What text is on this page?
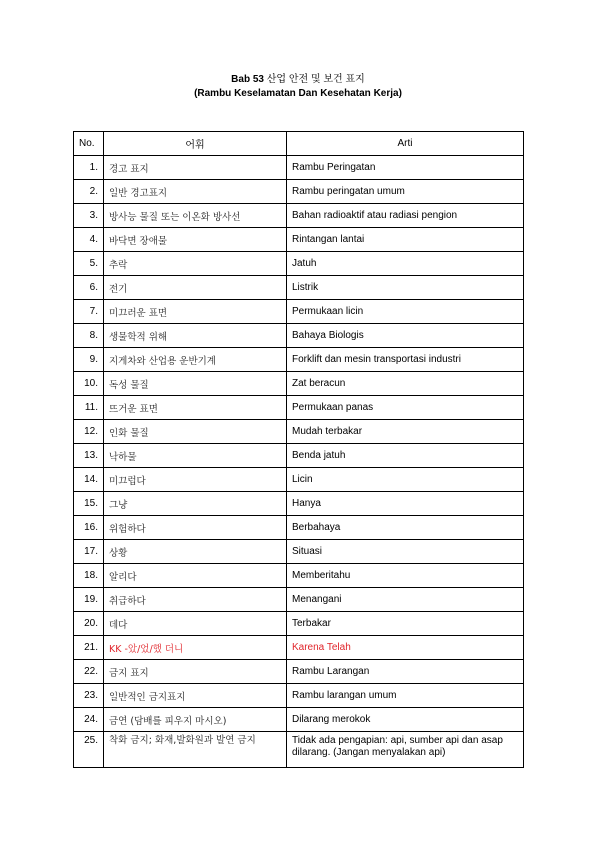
Bab 53 산업 안전 및 보건 표지
(Rambu Keselamatan Dan Kesehatan Kerja)
No.	어휘	Arti
1.	경고 표지	Rambu Peringatan
2.	일반 경고표지	Rambu peringatan umum
3.	방사능 물질 또는 이온화 방사선	Bahan radioaktif atau radiasi pengion
4.	바닥면 장애물	Rintangan lantai
5.	추락	Jatuh
6.	전기	Listrik
7.	미끄러운 표면	Permukaan licin
8.	생물학적 위해	Bahaya Biologis
9.	지게차와 산업용 운반기계	Forklift dan mesin transportasi industri
10.	독성 물질	Zat beracun
11.	뜨거운 표면	Permukaan panas
12.	인화 물질	Mudah terbakar
13.	낙하물	Benda jatuh
14.	미끄럽다	Licin
15.	그냥	Hanya
16.	위험하다	Berbahaya
17.	상황	Situasi
18.	알리다	Memberitahu
19.	취급하다	Menangani
20.	데다	Terbakar
21.	KK -았/었/했 더니	Karena Telah
22.	금지 표지	Rambu Larangan
23.	일반적인 금지표지	Rambu larangan umum
24.	금연 (담배를 피우지 마시오)	Dilarang merokok
25.	착화 금지; 화재,발화원과 발연 금지	Tidak ada pengapian: api, sumber api dan asap dilarang. (Jangan menyalakan api)
